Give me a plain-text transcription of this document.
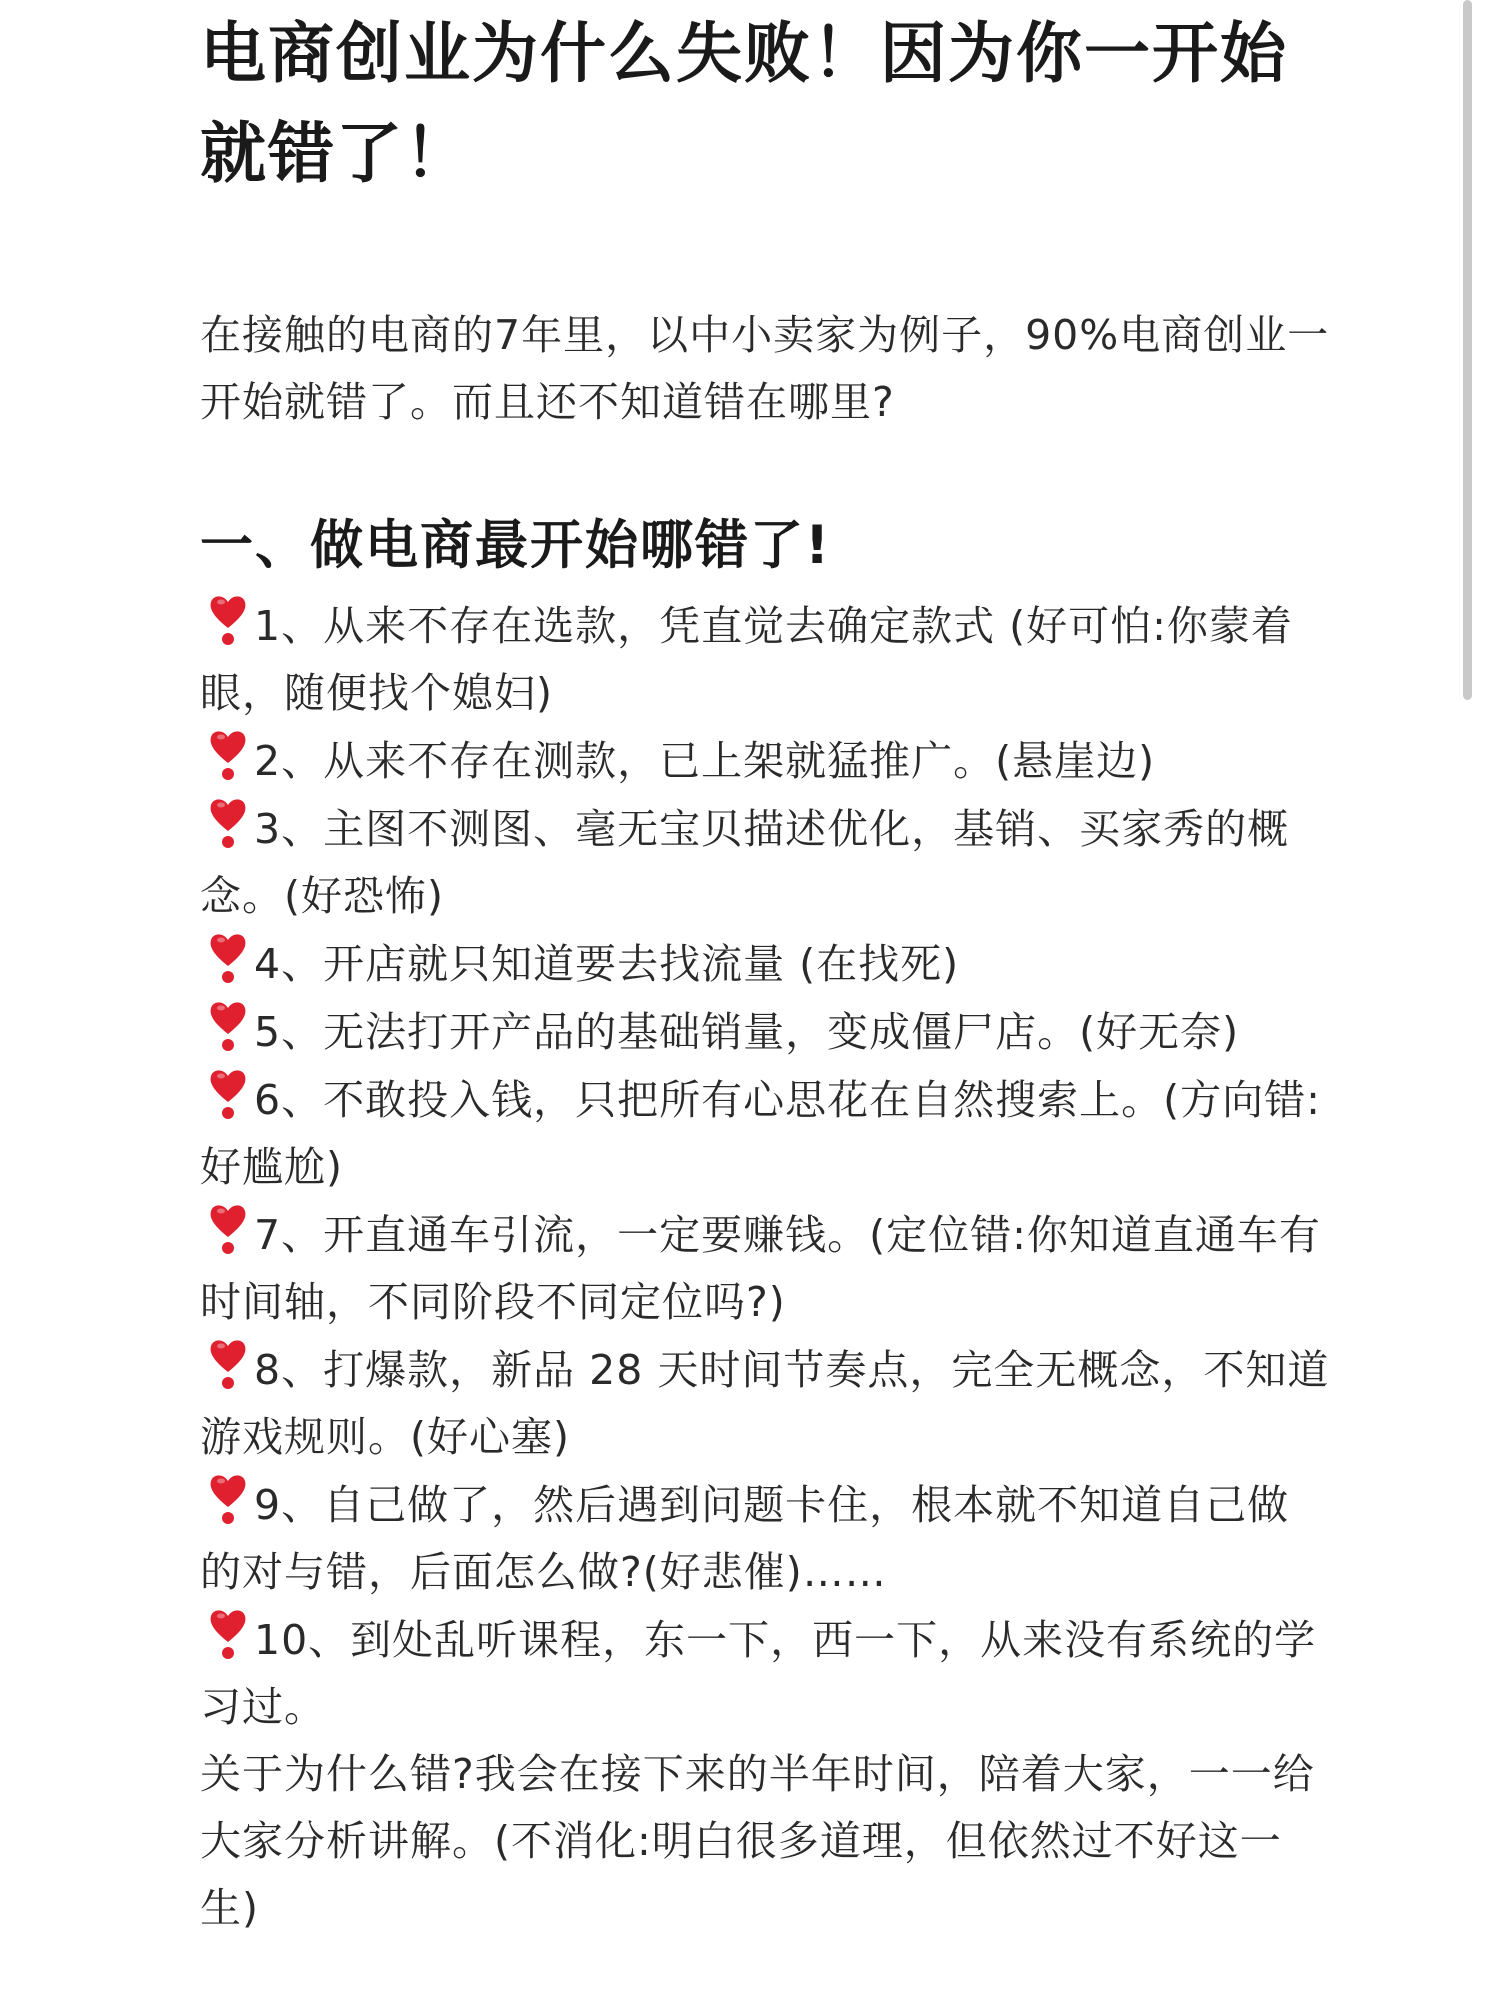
电商创业为什么失败！因为你一开始就错了！
在接触的电商的7年里，以中小卖家为例子，90%电商创业一开始就错了。而且还不知道错在哪里?
一、做电商最开始哪错了!
1、从来不存在选款，凭直觉去确定款式 (好可怕:你蒙着眼，随便找个媳妇)
2、从来不存在测款，已上架就猛推广。(悬崖边)
3、主图不测图、毫无宝贝描述优化，基销、买家秀的概念。(好恐怖)
4、开店就只知道要去找流量 (在找死)
5、无法打开产品的基础销量，变成僵尸店。(好无奈)
6、不敢投入钱，只把所有心思花在自然搜索上。(方向错:好尴尬)
7、开直通车引流，一定要赚钱。(定位错:你知道直通车有时间轴，不同阶段不同定位吗?)
8、打爆款，新品 28 天时间节奏点，完全无概念，不知道游戏规则。(好心塞)
9、自己做了，然后遇到问题卡住，根本就不知道自己做的对与错，后面怎么做?(好悲催)……
10、到处乱听课程，东一下，西一下，从来没有系统的学习过。
关于为什么错?我会在接下来的半年时间，陪着大家，一一给大家分析讲解。(不消化:明白很多道理，但依然过不好这一生)
